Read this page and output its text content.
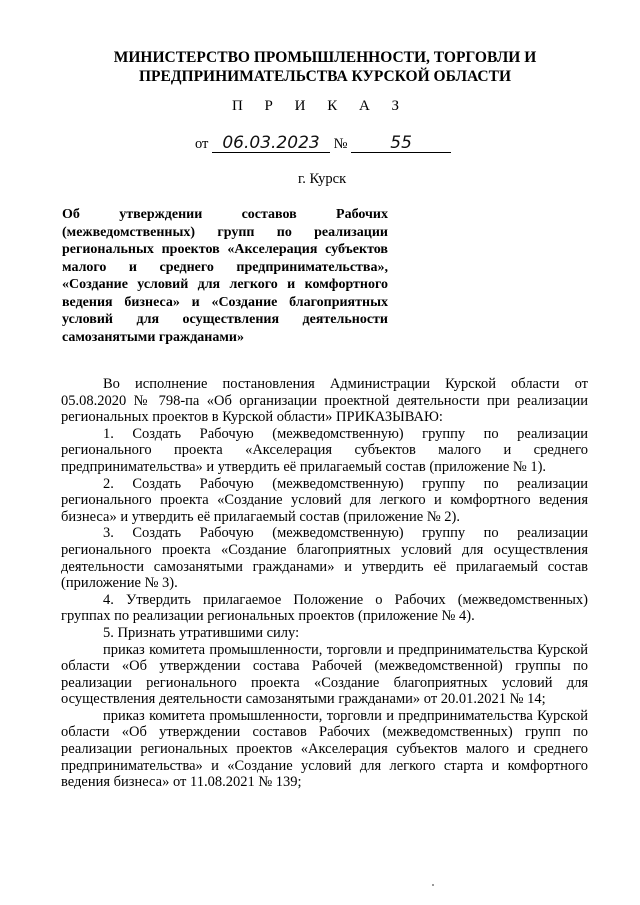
МИНИСТЕРСТВО ПРОМЫШЛЕННОСТИ, ТОРГОВЛИ И
ПРЕДПРИНИМАТЕЛЬСТВА КУРСКОЙ ОБЛАСТИ
П Р И К А З
от 06.03.2023 №	55
г. Курск
Об утверждении составов Рабочих (межведомственных) групп по реализации региональных проектов «Акселерация субъектов малого и среднего предпринимательства», «Создание условий для легкого и комфортного ведения бизнеса» и «Создание благоприятных условий для осуществления деятельности самозанятыми гражданами»

Во исполнение постановления Администрации Курской области от 05.08.2020 № 798-па «Об организации проектной деятельности при реализации региональных проектов в Курской области» ПРИКАЗЫВАЮ:

1. Создать Рабочую (межведомственную) группу по реализации регионального проекта «Акселерация субъектов малого и среднего предпринимательства» и утвердить её прилагаемый состав (приложение № 1).

2. Создать Рабочую (межведомственную) группу по реализации регионального проекта «Создание условий для легкого и комфортного ведения бизнеса» и утвердить её прилагаемый состав (приложение № 2).

3. Создать Рабочую (межведомственную) группу по реализации регионального проекта «Создание благоприятных условий для осуществления деятельности самозанятыми гражданами» и утвердить её прилагаемый состав (приложение № 3).

4. Утвердить прилагаемое Положение о Рабочих (межведомственных) группах по реализации региональных проектов (приложение № 4).

5. Признать утратившими силу:

приказ комитета промышленности, торговли и предпринимательства Курской области «Об утверждении состава Рабочей (межведомственной) группы по реализации регионального проекта «Создание благоприятных условий для осуществления деятельности самозанятыми гражданами» от 20.01.2021 № 14;

приказ комитета промышленности, торговли и предпринимательства Курской области «Об утверждении составов Рабочих (межведомственных) групп по реализации региональных проектов «Акселерация субъектов малого и среднего предпринимательства» и «Создание условий для легкого старта и комфортного ведения бизнеса» от 11.08.2021 № 139;
